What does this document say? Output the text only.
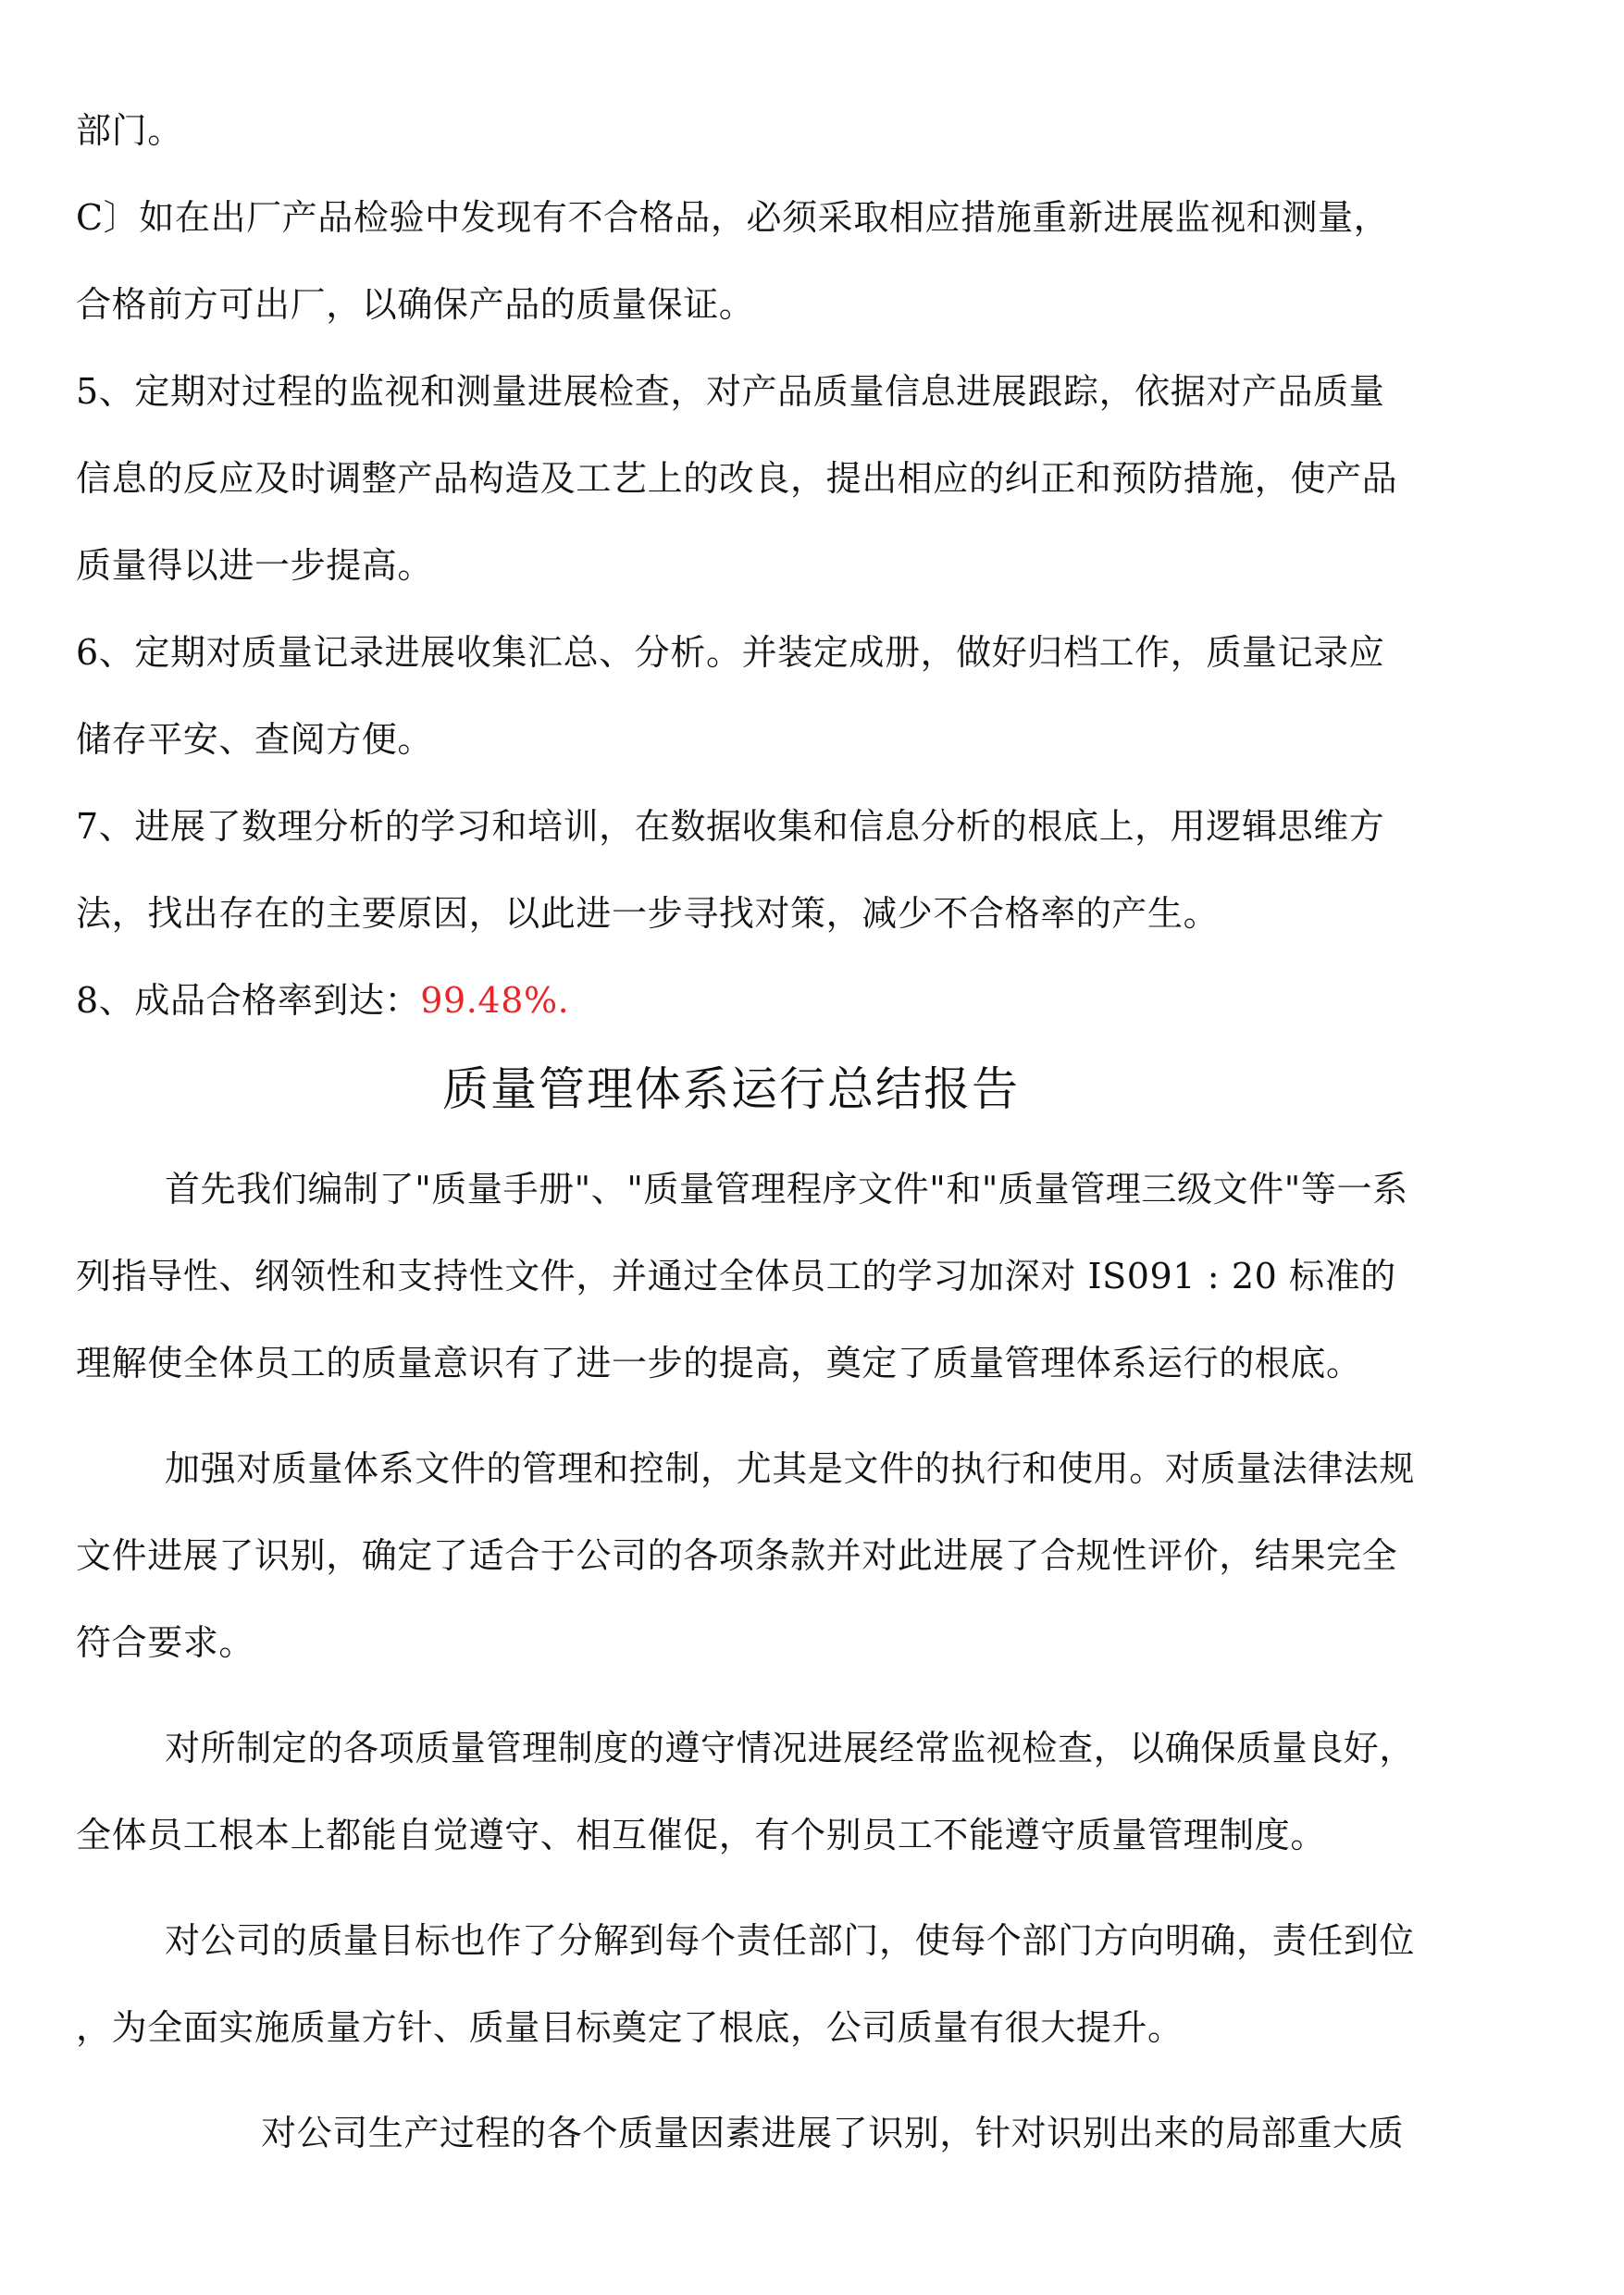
部门。
C〕如在出厂产品检验中发现有不合格品，必须采取相应措施重新进展监视和测量，
合格前方可出厂，以确保产品的质量保证。
5、定期对过程的监视和测量进展检查，对产品质量信息进展跟踪，依据对产品质量
信息的反应及时调整产品构造及工艺上的改良，提出相应的纠正和预防措施，使产品
质量得以进一步提高。
6、定期对质量记录进展收集汇总、分析。并装定成册，做好归档工作，质量记录应
储存平安、查阅方便。
7、进展了数理分析的学习和培训，在数据收集和信息分析的根底上，用逻辑思维方
法，找出存在的主要原因，以此进一步寻找对策，减少不合格率的产生。
8、成品合格率到达：99.48%.
质量管理体系运行总结报告
首先我们编制了"质量手册"、"质量管理程序文件"和"质量管理三级文件"等一系
列指导性、纲领性和支持性文件，并通过全体员工的学习加深对 IS091 : 20 标准的
理解使全体员工的质量意识有了进一步的提高，奠定了质量管理体系运行的根底。
加强对质量体系文件的管理和控制，尤其是文件的执行和使用。对质量法律法规
文件进展了识别，确定了适合于公司的各项条款并对此进展了合规性评价，结果完全
符合要求。
对所制定的各项质量管理制度的遵守情况进展经常监视检查，以确保质量良好，
全体员工根本上都能自觉遵守、相互催促，有个别员工不能遵守质量管理制度。
对公司的质量目标也作了分解到每个责任部门，使每个部门方向明确，责任到位
，为全面实施质量方针、质量目标奠定了根底，公司质量有很大提升。
对公司生产过程的各个质量因素进展了识别，针对识别出来的局部重大质
